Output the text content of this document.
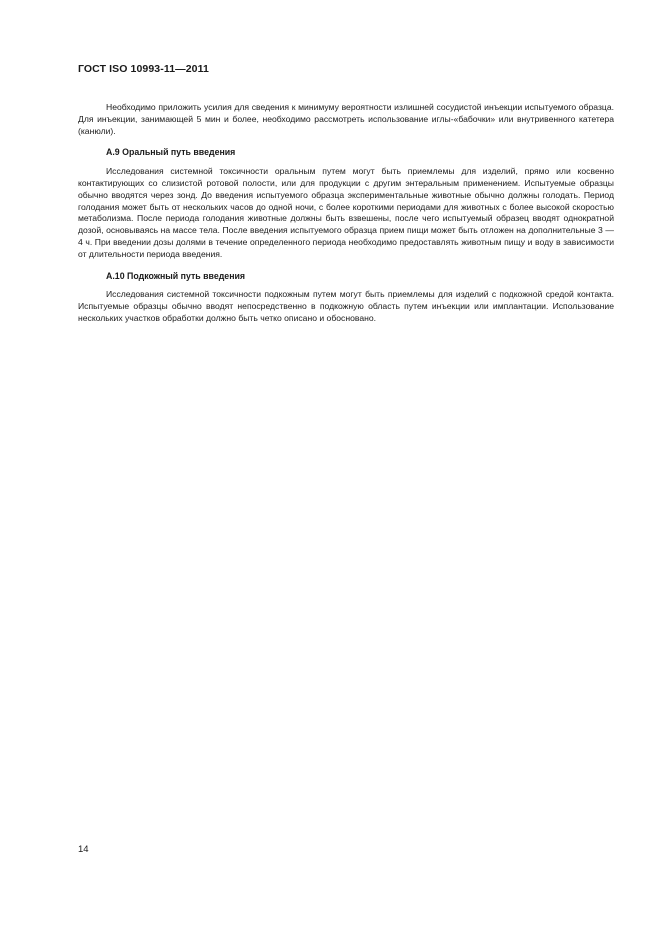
ГОСТ ISO 10993-11—2011

Необходимо приложить усилия для сведения к минимуму вероятности излишней сосудистой инъекции испытуемого образца. Для инъекции, занимающей 5 мин и более, необходимо рассмотреть использование иглы-«бабочки» или внутривенного катетера (канюли).

А.9 Оральный путь введения

Исследования системной токсичности оральным путем могут быть приемлемы для изделий, прямо или косвенно контактирующих со слизистой ротовой полости, или для продукции с другим энтеральным применением. Испытуемые образцы обычно вводятся через зонд. До введения испытуемого образца экспериментальные животные обычно должны голодать. Период голодания может быть от нескольких часов до одной ночи, с более короткими периодами для животных с более высокой скоростью метаболизма. После периода голодания животные должны быть взвешены, после чего испытуемый образец вводят однократной дозой, основываясь на массе тела. После введения испытуемого образца прием пищи может быть отложен на дополнительные 3 — 4 ч. При введении дозы долями в течение определенного периода необходимо предоставлять животным пищу и воду в зависимости от длительности периода введения.

А.10 Подкожный путь введения

Исследования системной токсичности подкожным путем могут быть приемлемы для изделий с подкожной средой контакта. Испытуемые образцы обычно вводят непосредственно в подкожную область путем инъекции или имплантации. Использование нескольких участков обработки должно быть четко описано и обосновано.

14
